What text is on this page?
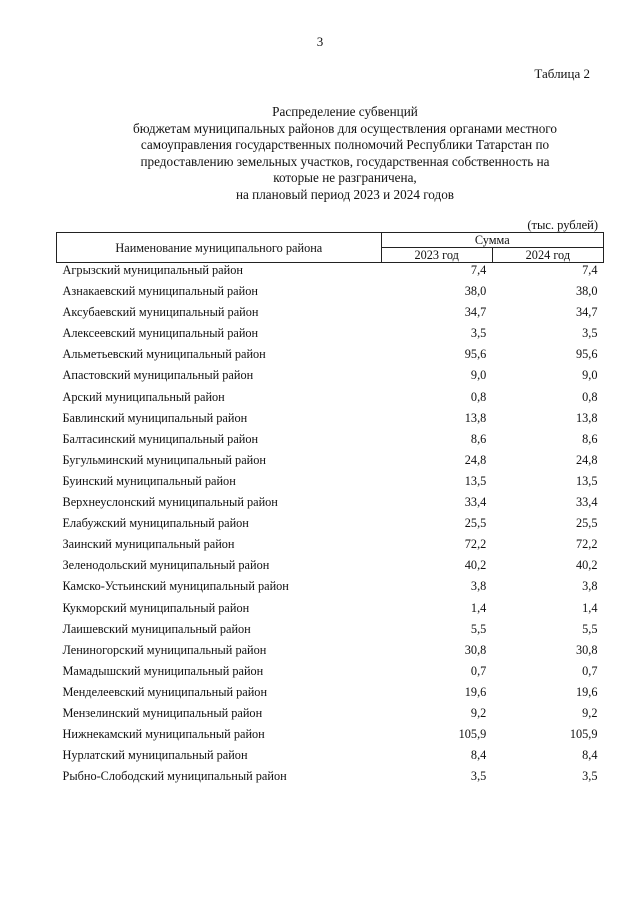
3
Таблица 2
Распределение субвенций
бюджетам муниципальных районов для осуществления органами местного
самоуправления государственных полномочий Республики Татарстан по
предоставлению земельных участков, государственная собственность на
которые не разграничена,
на плановый период 2023 и 2024 годов
(тыс. рублей)
Наименование муниципального района	Сумма	
	2023 год	2024 год
Агрызский муниципальный район	7,4	7,4
Азнакаевский муниципальный район	38,0	38,0
Аксубаевский муниципальный район	34,7	34,7
Алексеевский муниципальный район	3,5	3,5
Альметьевский муниципальный район	95,6	95,6
Апастовский муниципальный район	9,0	9,0
Арский муниципальный район	0,8	0,8
Бавлинский муниципальный район	13,8	13,8
Балтасинский муниципальный район	8,6	8,6
Бугульминский муниципальный район	24,8	24,8
Буинский муниципальный район	13,5	13,5
Верхнеуслонский муниципальный район	33,4	33,4
Елабужский муниципальный район	25,5	25,5
Заинский муниципальный район	72,2	72,2
Зеленодольский муниципальный район	40,2	40,2
Камско-Устьинский муниципальный район	3,8	3,8
Кукморский муниципальный район	1,4	1,4
Лаишевский муниципальный район	5,5	5,5
Лениногорский муниципальный район	30,8	30,8
Мамадышский муниципальный район	0,7	0,7
Менделеевский муниципальный район	19,6	19,6
Мензелинский муниципальный район	9,2	9,2
Нижнекамский муниципальный район	105,9	105,9
Нурлатский муниципальный район	8,4	8,4
Рыбно-Слободский муниципальный район	3,5	3,5
